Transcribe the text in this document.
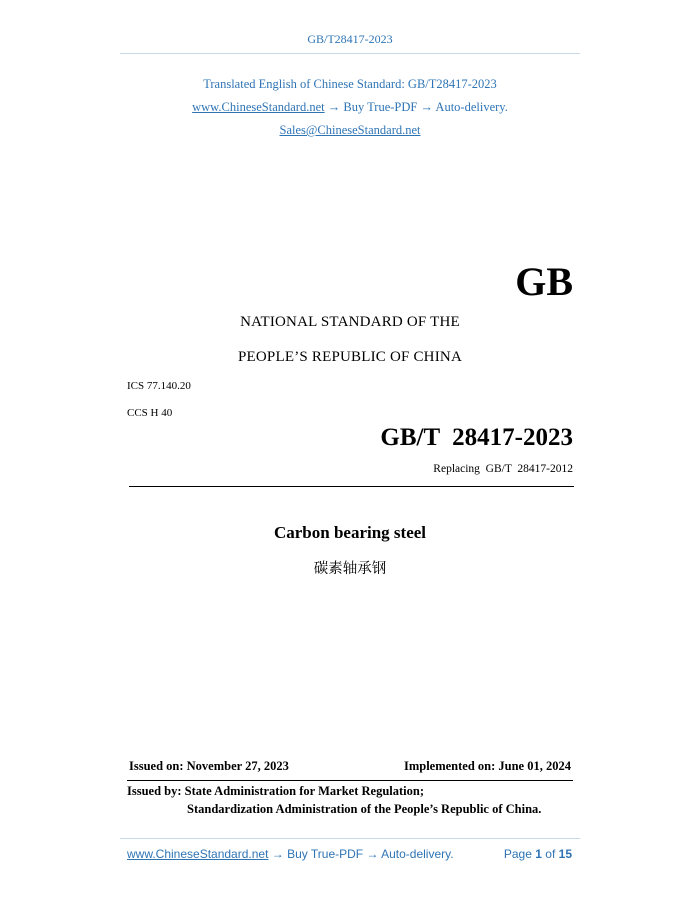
GB/T28417-2023
Translated English of Chinese Standard: GB/T28417-2023
www.ChineseStandard.net → Buy True-PDF → Auto-delivery.
Sales@ChineseStandard.net
GB
NATIONAL STANDARD OF THE
PEOPLE’S REPUBLIC OF CHINA
ICS 77.140.20
CCS H 40
GB/T  28417-2023
Replacing  GB/T  28417-2012
Carbon bearing steel
碳素轴承钢
Issued on: November 27, 2023	Implemented on: June 01, 2024
Issued by: State Administration for Market Regulation;
Standardization Administration of the People’s Republic of China.
www.ChineseStandard.net → Buy True-PDF → Auto-delivery.	Page 1 of 15
